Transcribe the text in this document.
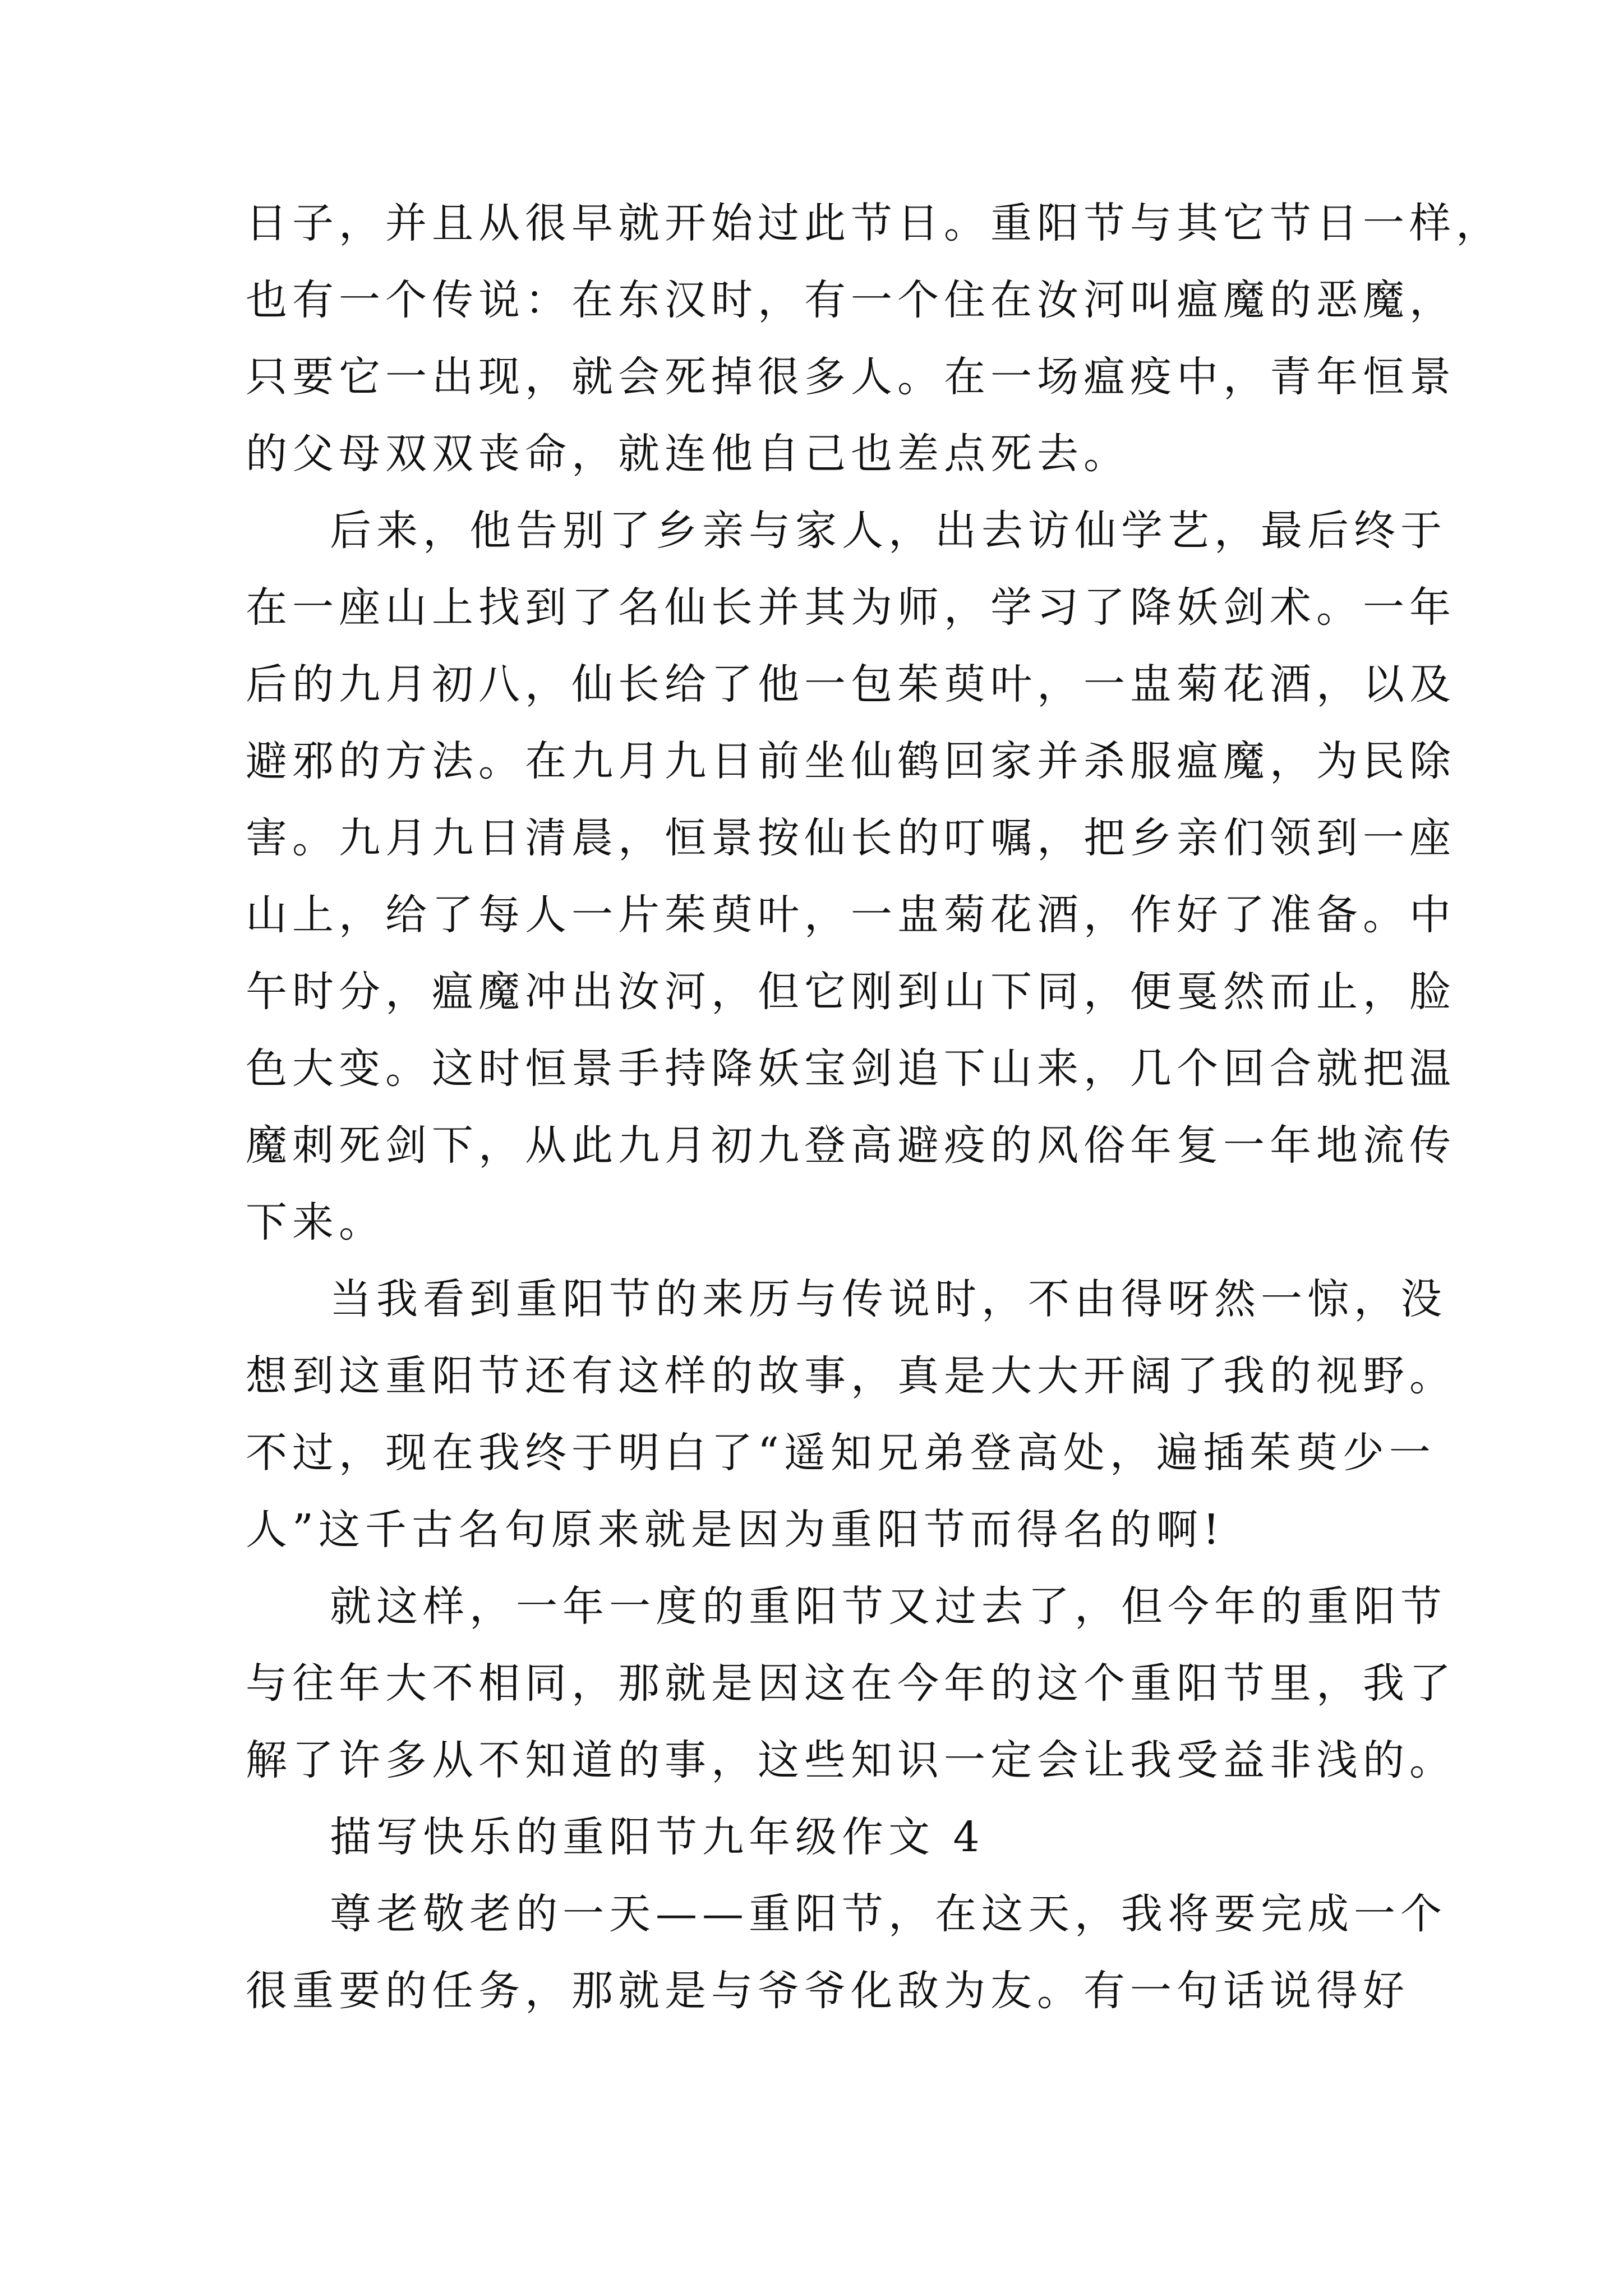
日子，并且从很早就开始过此节日。重阳节与其它节日一样，
也有一个传说：在东汉时，有一个住在汝河叫瘟魔的恶魔，
只要它一出现，就会死掉很多人。在一场瘟疫中，青年恒景
的父母双双丧命，就连他自己也差点死去。
后来，他告别了乡亲与家人，出去访仙学艺，最后终于
在一座山上找到了名仙长并其为师，学习了降妖剑术。一年
后的九月初八，仙长给了他一包茱萸叶，一盅菊花酒，以及
避邪的方法。在九月九日前坐仙鹤回家并杀服瘟魔，为民除
害。九月九日清晨，恒景按仙长的叮嘱，把乡亲们领到一座
山上，给了每人一片茱萸叶，一盅菊花酒，作好了准备。中
午时分，瘟魔冲出汝河，但它刚到山下同，便戛然而止，脸
色大变。这时恒景手持降妖宝剑追下山来，几个回合就把温
魔刺死剑下，从此九月初九登高避疫的风俗年复一年地流传
下来。
当我看到重阳节的来历与传说时，不由得呀然一惊，没
想到这重阳节还有这样的故事，真是大大开阔了我的视野。
不过，现在我终于明白了“遥知兄弟登高处，遍插茱萸少一
人”这千古名句原来就是因为重阳节而得名的啊!
就这样，一年一度的重阳节又过去了，但今年的重阳节
与往年大不相同，那就是因这在今年的这个重阳节里，我了
解了许多从不知道的事，这些知识一定会让我受益非浅的。
描写快乐的重阳节九年级作文 4
尊老敬老的一天——重阳节，在这天，我将要完成一个
很重要的任务，那就是与爷爷化敌为友。有一句话说得好
